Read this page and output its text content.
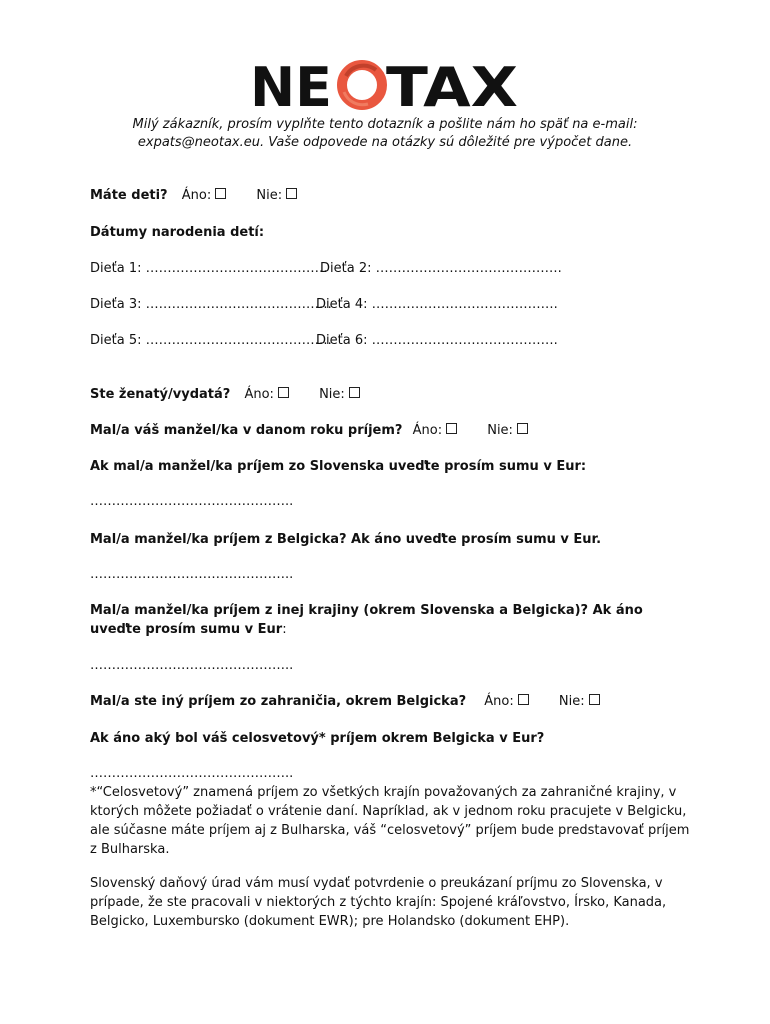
NE TAX
Milý zákazník, prosím vyplňte tento dotazník a pošlite nám ho späť na e-mail:
expats@neotax.eu. Vaše odpovede na otázky sú dôležité pre výpočet dane.
Máte deti? Áno:	Nie:
Dátumy narodenia detí:
Dieťa 1: ……………………………………
Dieťa 2: …………………………………….
Dieťa 3: …………………………………….
Dieťa 4: …………………………………….
Dieťa 5: …………………………………….
Dieťa 6: …………………………………….
Ste ženatý/vydatá? Áno:	Nie:
Mal/a váš manžel/ka v danom roku príjem? Áno:	Nie:
Ak mal/a manžel/ka príjem zo Slovenska uveďte prosím sumu v Eur:
………………………………………..
Mal/a manžel/ka príjem z Belgicka? Ak áno uveďte prosím sumu v Eur.
………………………………………..
Mal/a manžel/ka príjem z inej krajiny (okrem Slovenska a Belgicka)? Ak áno
uveďte prosím sumu v Eur:
………………………………………..
Mal/a ste iný príjem zo zahraničia, okrem Belgicka? Áno:	Nie:
Ak áno aký bol váš celosvetový* príjem okrem Belgicka v Eur?
………………………………………..
*“Celosvetový” znamená príjem zo všetkých krajín považovaných za zahraničné krajiny, v ktorých môžete požiadať o vrátenie daní. Napríklad, ak v jednom roku pracujete v Belgicku, ale súčasne máte príjem aj z Bulharska, váš “celosvetový” príjem bude predstavovať príjem z Bulharska.
Slovenský daňový úrad vám musí vydať potvrdenie o preukázaní príjmu zo Slovenska, v prípade, že ste pracovali v niektorých z týchto krajín: Spojené kráľovstvo, Írsko, Kanada, Belgicko, Luxembursko (dokument EWR); pre Holandsko (dokument EHP).
